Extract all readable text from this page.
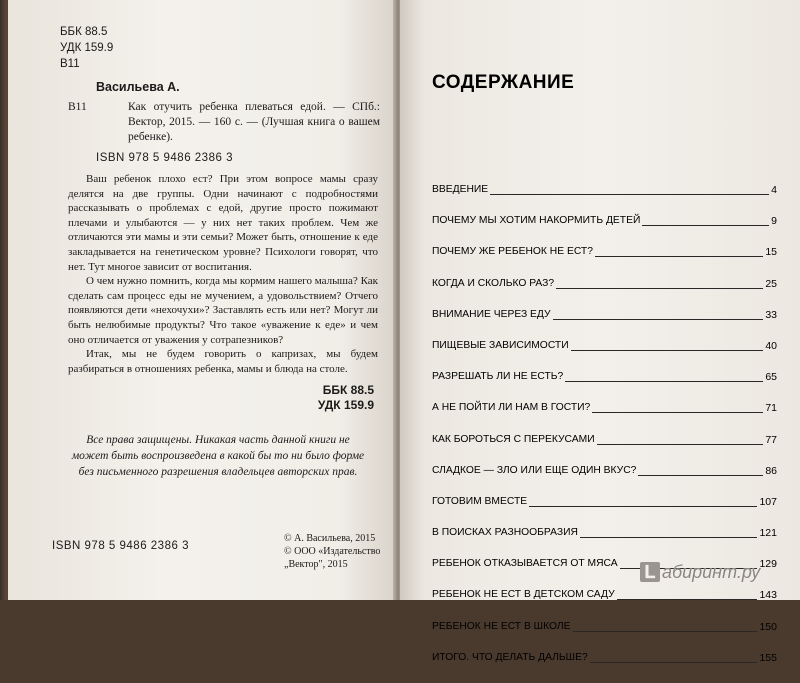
ББК 88.5
УДК 159.9
В11
Васильева А.
В11	Как отучить ребенка плеваться едой. — СПб.: Вектор, 2015. — 160 с. — (Лучшая книга о вашем ребенке).
ISBN 978 5 9486 2386 3

Ваш ребенок плохо ест? При этом вопросе мамы сразу делятся на две группы. Одни начинают с подробностями рассказывать о проблемах с едой, другие просто пожимают плечами и улыбаются — у них нет таких проблем. Чем же отличаются эти мамы и эти семьи? Может быть, отношение к еде закладывается на генетическом уровне? Психологи говорят, что нет. Тут многое зависит от воспитания.

О чем нужно помнить, когда мы кормим нашего малыша? Как сделать сам процесс еды не мучением, а удовольствием? Отчего появляются дети «нехочухи»? Заставлять есть или нет? Могут ли быть нелюбимые продукты? Что такое «уважение к еде» и чем оно отличается от уважения у сотрапезников?

Итак, мы не будем говорить о капризах, мы будем разбираться в отношениях ребенка, мамы и блюда на столе.

ББК 88.5
УДК 159.9
Все права защищены. Никакая часть данной книги не может быть воспроизведена в какой бы то ни было форме без письменного разрешения владельцев авторских прав.
ISBN 978 5 9486 2386 3
© А. Васильева, 2015
© ООО «Издательство
„Вектор", 2015
СОДЕРЖАНИЕ
ВВЕДЕНИЕ	4
ПОЧЕМУ МЫ ХОТИМ НАКОРМИТЬ ДЕТЕЙ	9
ПОЧЕМУ ЖЕ РЕБЕНОК НЕ ЕСТ?	15
КОГДА И СКОЛЬКО РАЗ?	25
ВНИМАНИЕ ЧЕРЕЗ ЕДУ	33
ПИЩЕВЫЕ ЗАВИСИМОСТИ	40
РАЗРЕШАТЬ ЛИ НЕ ЕСТЬ?	65
А НЕ ПОЙТИ ЛИ НАМ В ГОСТИ?	71
КАК БОРОТЬСЯ С ПЕРЕКУСАМИ	77
СЛАДКОЕ — ЗЛО ИЛИ ЕЩЕ ОДИН ВКУС?	86
ГОТОВИМ ВМЕСТЕ	107
В ПОИСКАХ РАЗНООБРАЗИЯ	121
РЕБЕНОК ОТКАЗЫВАЕТСЯ ОТ МЯСА	129
РЕБЕНОК НЕ ЕСТ В ДЕТСКОМ САДУ	143
РЕБЕНОК НЕ ЕСТ В ШКОЛЕ	150
ИТОГО. ЧТО ДЕЛАТЬ ДАЛЬШЕ?	155
L абиринт.ру
